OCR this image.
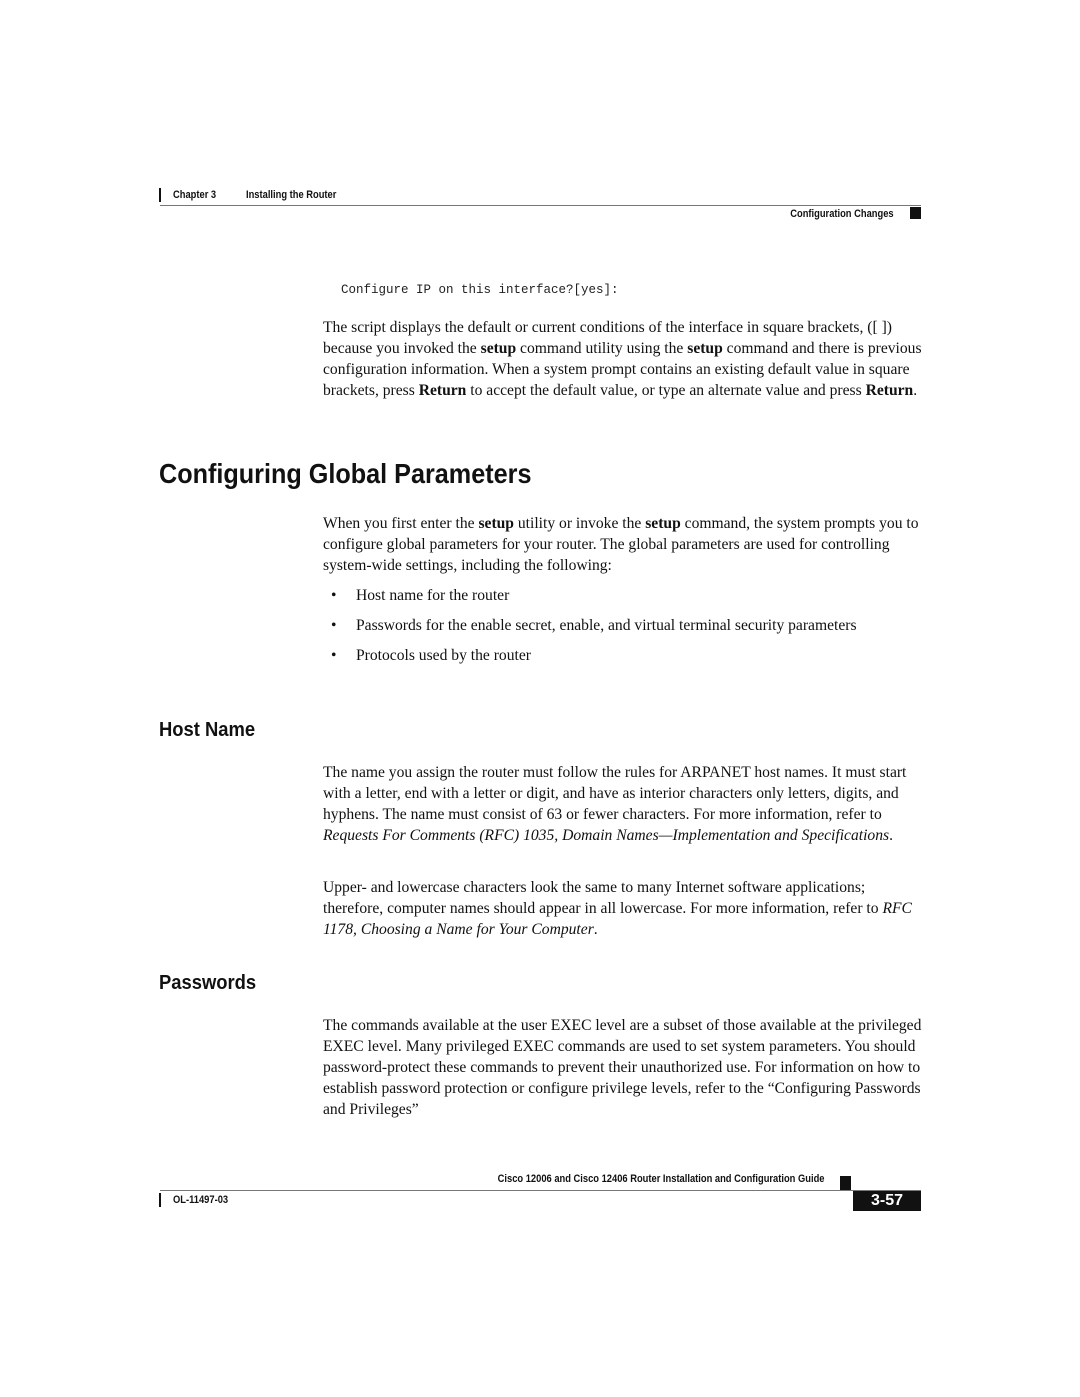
Chapter 3	Installing the Router
Configuration Changes
Configure IP on this interface?[yes]:
The script displays the default or current conditions of the interface in square brackets, ([ ]) because you invoked the setup command utility using the setup command and there is previous configuration information. When a system prompt contains an existing default value in square brackets, press Return to accept the default value, or type an alternate value and press Return.
Configuring Global Parameters
When you first enter the setup utility or invoke the setup command, the system prompts you to configure global parameters for your router. The global parameters are used for controlling system-wide settings, including the following:
• Host name for the router
• Passwords for the enable secret, enable, and virtual terminal security parameters
• Protocols used by the router
Host Name
The name you assign the router must follow the rules for ARPANET host names. It must start with a letter, end with a letter or digit, and have as interior characters only letters, digits, and hyphens. The name must consist of 63 or fewer characters. For more information, refer to Requests For Comments (RFC) 1035, Domain Names—Implementation and Specifications.
Upper- and lowercase characters look the same to many Internet software applications; therefore, computer names should appear in all lowercase. For more information, refer to RFC 1178, Choosing a Name for Your Computer.
Passwords
The commands available at the user EXEC level are a subset of those available at the privileged EXEC level. Many privileged EXEC commands are used to set system parameters. You should password-protect these commands to prevent their unauthorized use. For information on how to establish password protection or configure privilege levels, refer to the “Configuring Passwords and Privileges”
Cisco 12006 and Cisco 12406 Router Installation and Configuration Guide
OL-11497-03	3-57
